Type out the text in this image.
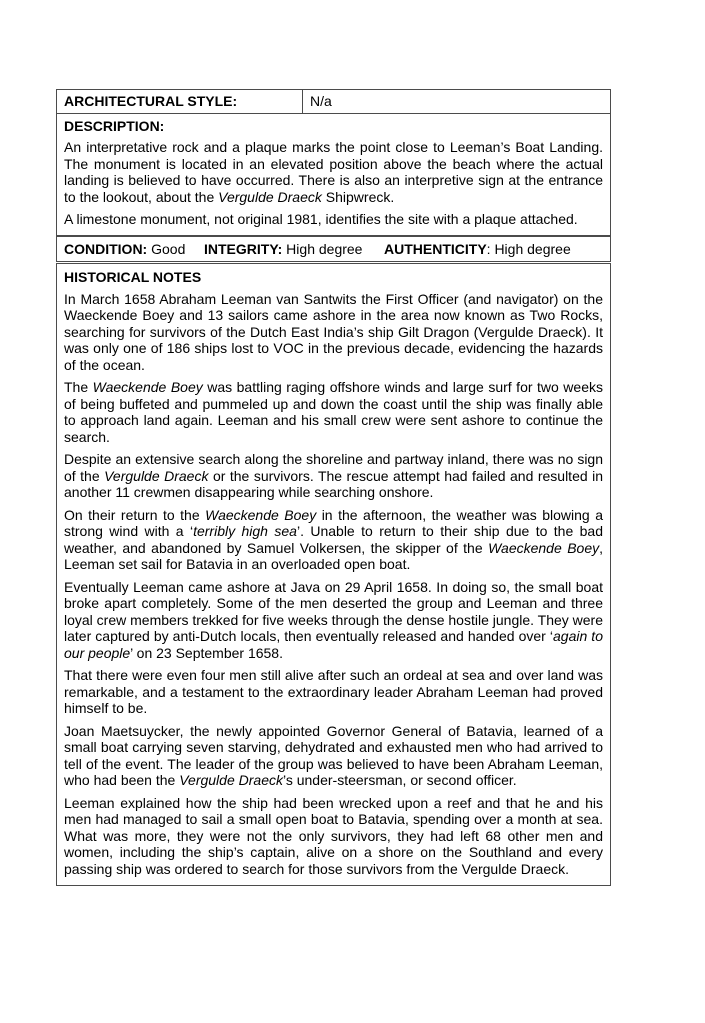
ARCHITECTURAL STYLE:	N/a
DESCRIPTION:

An interpretative rock and a plaque marks the point close to Leeman’s Boat Landing. The monument is located in an elevated position above the beach where the actual landing is believed to have occurred. There is also an interpretive sign at the entrance to the lookout, about the Vergulde Draeck Shipwreck.

A limestone monument, not original 1981, identifies the site with a plaque attached.

CONDITION: Good	INTEGRITY: High degree	AUTHENTICITY: High degree
HISTORICAL NOTES

In March 1658 Abraham Leeman van Santwits the First Officer (and navigator) on the Waeckende Boey and 13 sailors came ashore in the area now known as Two Rocks, searching for survivors of the Dutch East India’s ship Gilt Dragon (Vergulde Draeck). It was only one of 186 ships lost to VOC in the previous decade, evidencing the hazards of the ocean.

The Waeckende Boey was battling raging offshore winds and large surf for two weeks of being buffeted and pummeled up and down the coast until the ship was finally able to approach land again. Leeman and his small crew were sent ashore to continue the search.

Despite an extensive search along the shoreline and partway inland, there was no sign of the Vergulde Draeck or the survivors. The rescue attempt had failed and resulted in another 11 crewmen disappearing while searching onshore.

On their return to the Waeckende Boey in the afternoon, the weather was blowing a strong wind with a ‘terribly high sea’. Unable to return to their ship due to the bad weather, and abandoned by Samuel Volkersen, the skipper of the Waeckende Boey, Leeman set sail for Batavia in an overloaded open boat.

Eventually Leeman came ashore at Java on 29 April 1658. In doing so, the small boat broke apart completely. Some of the men deserted the group and Leeman and three loyal crew members trekked for five weeks through the dense hostile jungle. They were later captured by anti-Dutch locals, then eventually released and handed over ‘again to our people’ on 23 September 1658.

That there were even four men still alive after such an ordeal at sea and over land was remarkable, and a testament to the extraordinary leader Abraham Leeman had proved himself to be.

Joan Maetsuycker, the newly appointed Governor General of Batavia, learned of a small boat carrying seven starving, dehydrated and exhausted men who had arrived to tell of the event. The leader of the group was believed to have been Abraham Leeman, who had been the Vergulde Draeck’s under-steersman, or second officer.

Leeman explained how the ship had been wrecked upon a reef and that he and his men had managed to sail a small open boat to Batavia, spending over a month at sea. What was more, they were not the only survivors, they had left 68 other men and women, including the ship’s captain, alive on a shore on the Southland and every passing ship was ordered to search for those survivors from the Vergulde Draeck.
